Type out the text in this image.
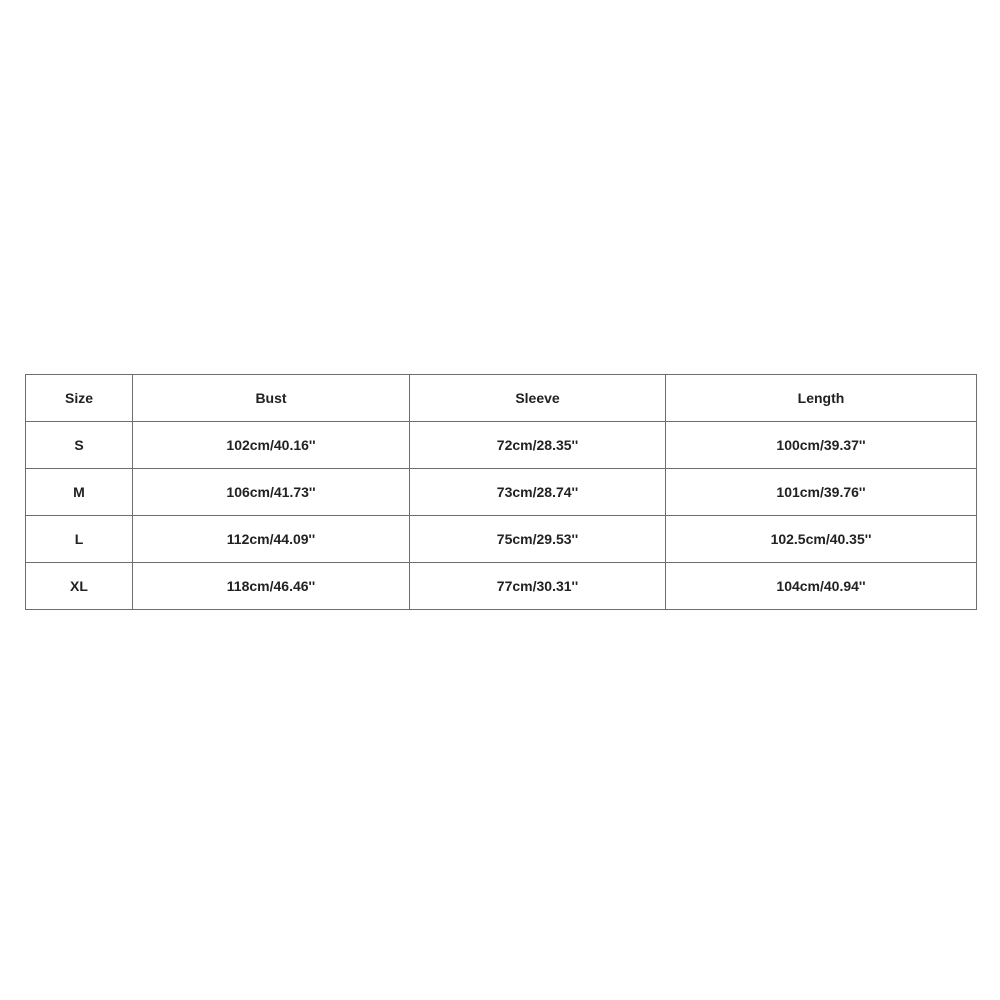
Size	Bust	Sleeve	Length
S	102cm/40.16''	72cm/28.35''	100cm/39.37''
M	106cm/41.73''	73cm/28.74''	101cm/39.76''
L	112cm/44.09''	75cm/29.53''	102.5cm/40.35''
XL	118cm/46.46''	77cm/30.31''	104cm/40.94''
